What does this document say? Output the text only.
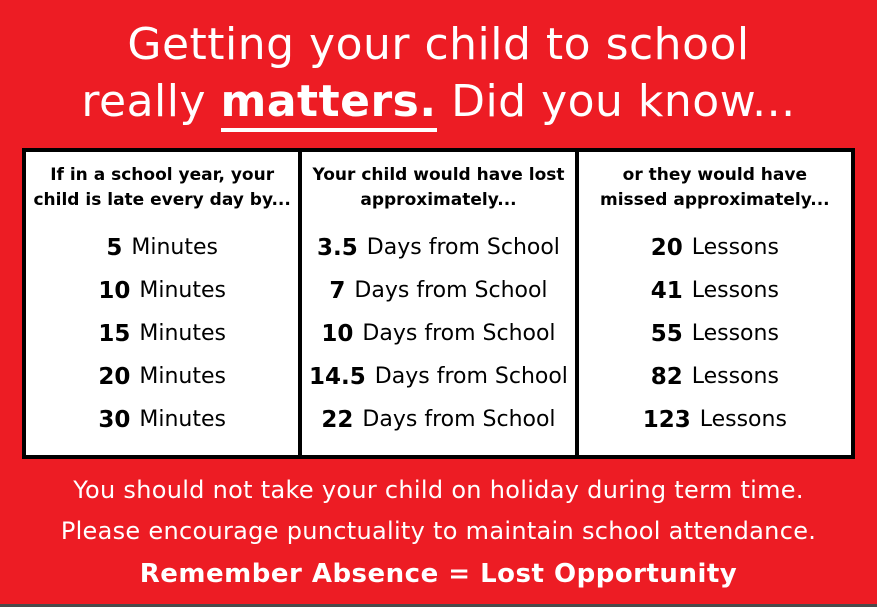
Getting your child to school
really matters. Did you know...
If in a school year, your
child is late every day by...
5 Minutes
10 Minutes
15 Minutes
20 Minutes
30 Minutes
Your child would have lost
approximately...
3.5 Days from School
7 Days from School
10 Days from School
14.5 Days from School
22 Days from School
or they would have
missed approximately...
20 Lessons
41 Lessons
55 Lessons
82 Lessons
123 Lessons
You should not take your child on holiday during term time.
Please encourage punctuality to maintain school attendance.
Remember Absence = Lost Opportunity
